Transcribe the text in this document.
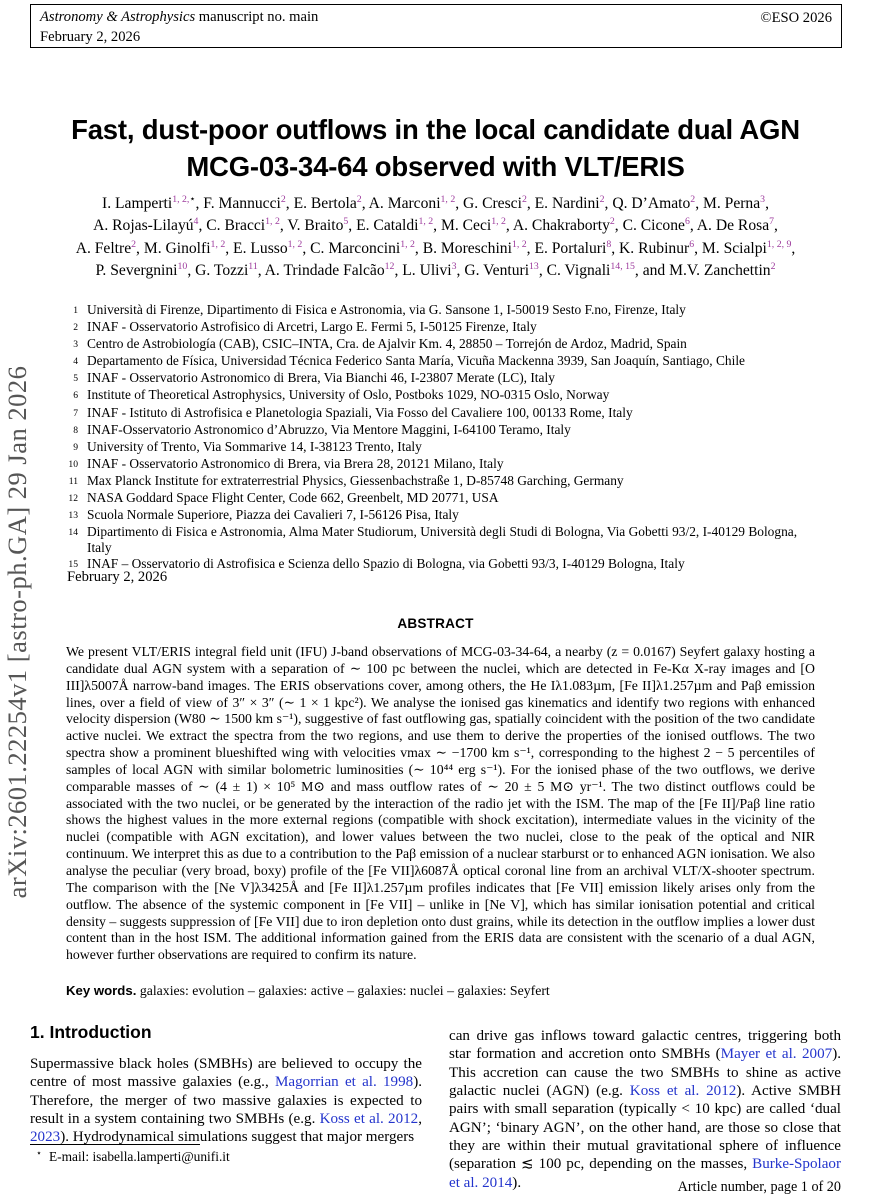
Astronomy & Astrophysics manuscript no. main
February 2, 2026
©ESO 2026
arXiv:2601.22254v1 [astro-ph.GA] 29 Jan 2026
Fast, dust-poor outflows in the local candidate dual AGN
MCG-03-34-64 observed with VLT/ERIS
I. Lamperti$^{1, 2,⋆}$, F. Mannucci$^2$, E. Bertola$^2$, A. Marconi$^{1, 2}$, G. Cresci$^2$, E. Nardini$^2$, Q. D’Amato$^2$, M. Perna$^3$,
A. Rojas-Lilayú$^4$, C. Bracci$^{1, 2}$, V. Braito$^5$, E. Cataldi$^{1, 2}$, M. Ceci$^{1, 2}$, A. Chakraborty$^2$, C. Cicone$^6$, A. De Rosa$^7$,
A. Feltre$^2$, M. Ginolfi$^{1, 2}$, E. Lusso$^{1, 2}$, C. Marconcini$^{1, 2}$, B. Moreschini$^{1, 2}$, E. Portaluri$^8$, K. Rubinur$^6$, M. Scialpi$^{1, 2, 9}$,
P. Severgnini$^{10}$, G. Tozzi$^{11}$, A. Trindade Falcão$^{12}$, L. Ulivi$^3$, G. Venturi$^{13}$, C. Vignali$^{14, 15}$, and M.V. Zanchettin$^2$
1 Università di Firenze, Dipartimento di Fisica e Astronomia, via G. Sansone 1, I-50019 Sesto F.no, Firenze, Italy
2 INAF - Osservatorio Astrofisico di Arcetri, Largo E. Fermi 5, I-50125 Firenze, Italy
3 Centro de Astrobiología (CAB), CSIC–INTA, Cra. de Ajalvir Km. 4, 28850 – Torrejón de Ardoz, Madrid, Spain
4 Departamento de Física, Universidad Técnica Federico Santa María, Vicuña Mackenna 3939, San Joaquín, Santiago, Chile
5 INAF - Osservatorio Astronomico di Brera, Via Bianchi 46, I-23807 Merate (LC), Italy
6 Institute of Theoretical Astrophysics, University of Oslo, Postboks 1029, NO-0315 Oslo, Norway
7 INAF - Istituto di Astrofisica e Planetologia Spaziali, Via Fosso del Cavaliere 100, 00133 Rome, Italy
8 INAF-Osservatorio Astronomico d’Abruzzo, Via Mentore Maggini, I-64100 Teramo, Italy
9 University of Trento, Via Sommarive 14, I-38123 Trento, Italy
10 INAF - Osservatorio Astronomico di Brera, via Brera 28, 20121 Milano, Italy
11 Max Planck Institute for extraterrestrial Physics, Giessenbachstraße 1, D-85748 Garching, Germany
12 NASA Goddard Space Flight Center, Code 662, Greenbelt, MD 20771, USA
13 Scuola Normale Superiore, Piazza dei Cavalieri 7, I-56126 Pisa, Italy
14 Dipartimento di Fisica e Astronomia, Alma Mater Studiorum, Università degli Studi di Bologna, Via Gobetti 93/2, I-40129 Bologna, Italy
15 INAF – Osservatorio di Astrofisica e Scienza dello Spazio di Bologna, via Gobetti 93/3, I-40129 Bologna, Italy
February 2, 2026
ABSTRACT
We present VLT/ERIS integral field unit (IFU) J-band observations of MCG-03-34-64, a nearby (z = 0.0167) Seyfert galaxy hosting a candidate dual AGN system with a separation of ∼ 100 pc between the nuclei, which are detected in Fe-Kα X-ray images and [O III]λ5007Å narrow-band images. The ERIS observations cover, among others, the He Iλ1.083µm, [Fe II]λ1.257µm and Paβ emission lines, over a field of view of 3″ × 3″ (∼ 1 × 1 kpc²). We analyse the ionised gas kinematics and identify two regions with enhanced velocity dispersion (W80 ∼ 1500 km s⁻¹), suggestive of fast outflowing gas, spatially coincident with the position of the two candidate active nuclei. We extract the spectra from the two regions, and use them to derive the properties of the ionised outflows. The two spectra show a prominent blueshifted wing with velocities vmax ∼ −1700 km s⁻¹, corresponding to the highest 2 − 5 percentiles of samples of local AGN with similar bolometric luminosities (∼ 10⁴⁴ erg s⁻¹). For the ionised phase of the two outflows, we derive comparable masses of ∼ (4 ± 1) × 10⁵ M⊙ and mass outflow rates of ∼ 20 ± 5 M⊙ yr⁻¹. The two distinct outflows could be associated with the two nuclei, or be generated by the interaction of the radio jet with the ISM. The map of the [Fe II]/Paβ line ratio shows the highest values in the more external regions (compatible with shock excitation), intermediate values in the vicinity of the nuclei (compatible with AGN excitation), and lower values between the two nuclei, close to the peak of the optical and NIR continuum. We interpret this as due to a contribution to the Paβ emission of a nuclear starburst or to enhanced AGN ionisation. We also analyse the peculiar (very broad, boxy) profile of the [Fe VII]λ6087Å optical coronal line from an archival VLT/X-shooter spectrum. The comparison with the [Ne V]λ3425Å and [Fe II]λ1.257µm profiles indicates that [Fe VII] emission likely arises only from the outflow. The absence of the systemic component in [Fe VII] – unlike in [Ne V], which has similar ionisation potential and critical density – suggests suppression of [Fe VII] due to iron depletion onto dust grains, while its detection in the outflow implies a lower dust content than in the host ISM. The additional information gained from the ERIS data are consistent with the scenario of a dual AGN, however further observations are required to confirm its nature.
Key words. galaxies: evolution – galaxies: active – galaxies: nuclei – galaxies: Seyfert
1. Introduction
Supermassive black holes (SMBHs) are believed to occupy the centre of most massive galaxies (e.g., Magorrian et al. 1998). Therefore, the merger of two massive galaxies is expected to result in a system containing two SMBHs (e.g. Koss et al. 2012, 2023). Hydrodynamical simulations suggest that major mergers
can drive gas inflows toward galactic centres, triggering both star formation and accretion onto SMBHs (Mayer et al. 2007). This accretion can cause the two SMBHs to shine as active galactic nuclei (AGN) (e.g. Koss et al. 2012). Active SMBH pairs with small separation (typically < 10 kpc) are called ‘dual AGN’; ‘binary AGN’, on the other hand, are those so close that they are within their mutual gravitational sphere of influence (separation ≲ 100 pc, depending on the masses, Burke-Spolaor et al. 2014).
⋆ E-mail: isabella.lamperti@unifi.it
Article number, page 1 of 20
